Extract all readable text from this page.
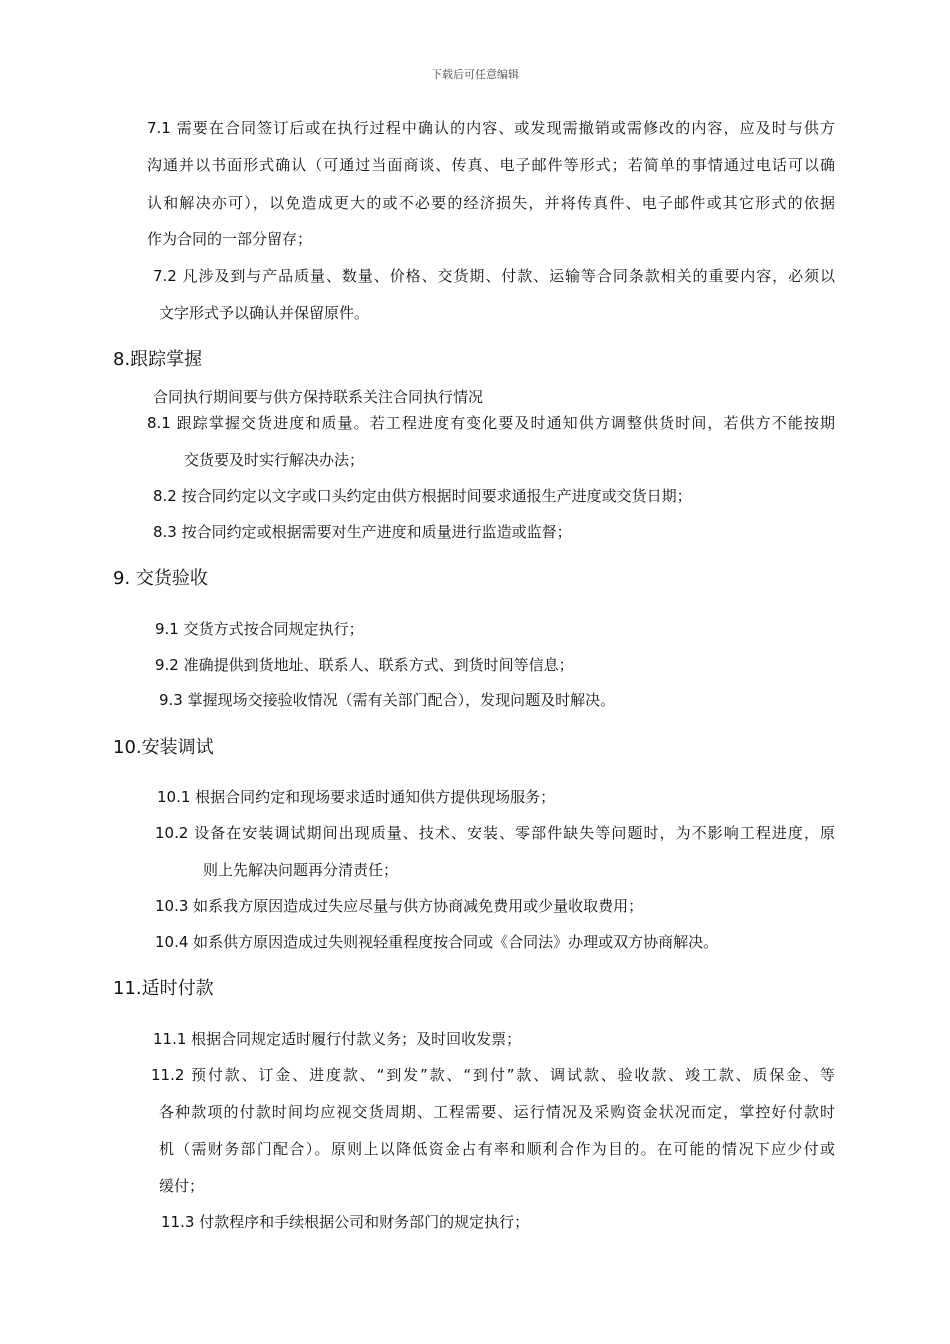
下载后可任意编辑
7.1 需要在合同签订后或在执行过程中确认的内容、或发现需撤销或需修改的内容，应及时与供方
沟通并以书面形式确认（可通过当面商谈、传真、电子邮件等形式；若简单的事情通过电话可以确
认和解决亦可），以免造成更大的或不必要的经济损失，并将传真件、电子邮件或其它形式的依据
作为合同的一部分留存；
7.2 凡涉及到与产品质量、数量、价格、交货期、付款、运输等合同条款相关的重要内容，必须以
文字形式予以确认并保留原件。
8.跟踪掌握
合同执行期间要与供方保持联系关注合同执行情况
8.1 跟踪掌握交货进度和质量。若工程进度有变化要及时通知供方调整供货时间，若供方不能按期
交货要及时实行解决办法；
8.2 按合同约定以文字或口头约定由供方根据时间要求通报生产进度或交货日期；
8.3 按合同约定或根据需要对生产进度和质量进行监造或监督；
9. 交货验收
9.1 交货方式按合同规定执行；
9.2 准确提供到货地址、联系人、联系方式、到货时间等信息；
9.3 掌握现场交接验收情况（需有关部门配合），发现问题及时解决。
10.安装调试
10.1 根据合同约定和现场要求适时通知供方提供现场服务；
10.2 设备在安装调试期间出现质量、技术、安装、零部件缺失等问题时，为不影响工程进度，原
则上先解决问题再分清责任；
10.3 如系我方原因造成过失应尽量与供方协商减免费用或少量收取费用；
10.4 如系供方原因造成过失则视轻重程度按合同或《合同法》办理或双方协商解决。
11.适时付款
11.1 根据合同规定适时履行付款义务；及时回收发票；
11.2 预付款、订金、进度款、“到发”款、“到付”款、调试款、验收款、竣工款、质保金、等
各种款项的付款时间均应视交货周期、工程需要、运行情况及采购资金状况而定，掌控好付款时
机（需财务部门配合）。原则上以降低资金占有率和顺利合作为目的。在可能的情况下应少付或
缓付；
11.3 付款程序和手续根据公司和财务部门的规定执行；
